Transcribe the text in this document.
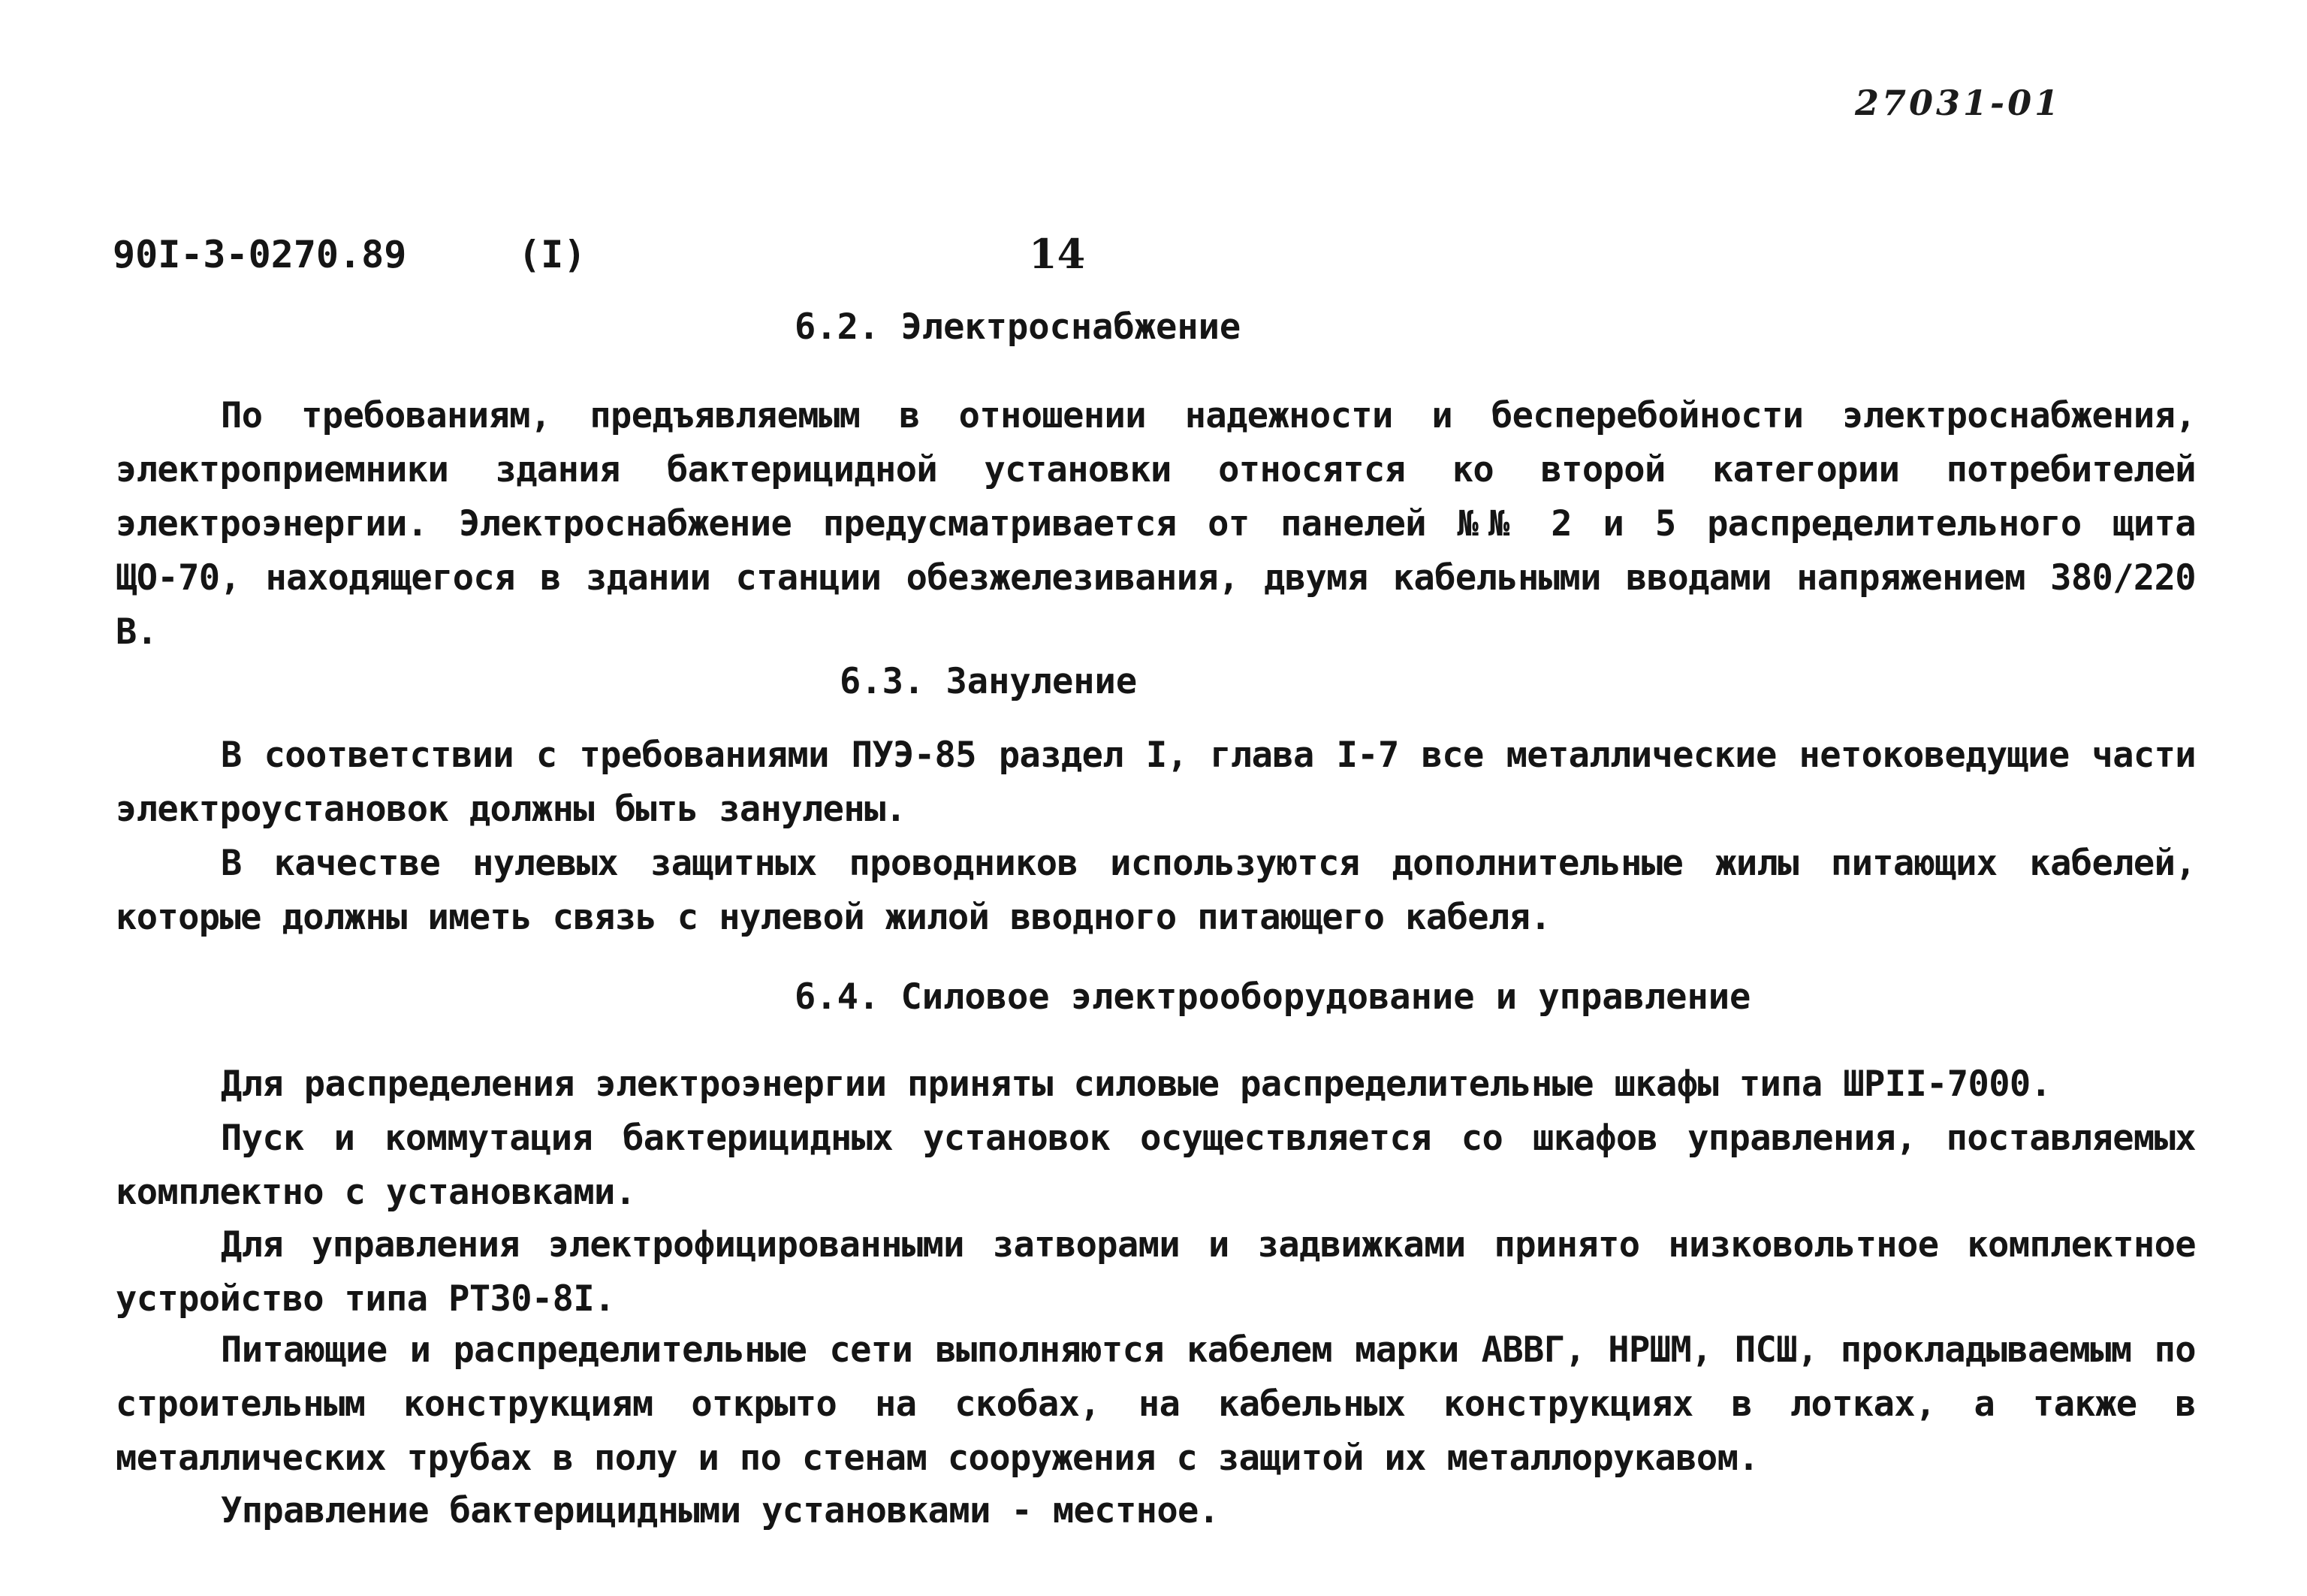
27031-01
90I-3-0270.89	(I)	14
6.2. Электроснабжение

По требованиям, предъявляемым в отношении надежности и бесперебойности электроснабжения, электроприемники здания бактерицидной установки относятся ко второй категории потребителей электроэнергии. Электроснабжение предусматривается от панелей №№ 2 и 5 распределительного щита ЩО-70, находящегося в здании станции обезжелезивания, двумя кабельными вводами напряжением 380/220 В.

6.3. Зануление

В соответствии с требованиями ПУЭ-85 раздел I, глава I-7 все металлические нетоковедущие части электроустановок должны быть занулены.

В качестве нулевых защитных проводников используются дополнительные жилы питающих кабелей, которые должны иметь связь с нулевой жилой вводного питающего кабеля.

6.4. Силовое электрооборудование и управление

Для распределения электроэнергии приняты силовые распределительные шкафы типа ШРII-7000.

Пуск и коммутация бактерицидных установок осуществляется со шкафов управления, поставляемых комплектно с установками.

Для управления электрофицированными затворами и задвижками принято низковольтное комплектное устройство типа РТЗ0-8I.

Питающие и распределительные сети выполняются кабелем марки АВВГ, НРШМ, ПСШ, прокладываемым по строительным конструкциям открыто на скобах, на кабельных конструкциях в лотках, а также в металлических трубах в полу и по стенам сооружения с защитой их металлорукавом.

Управление бактерицидными установками - местное.
